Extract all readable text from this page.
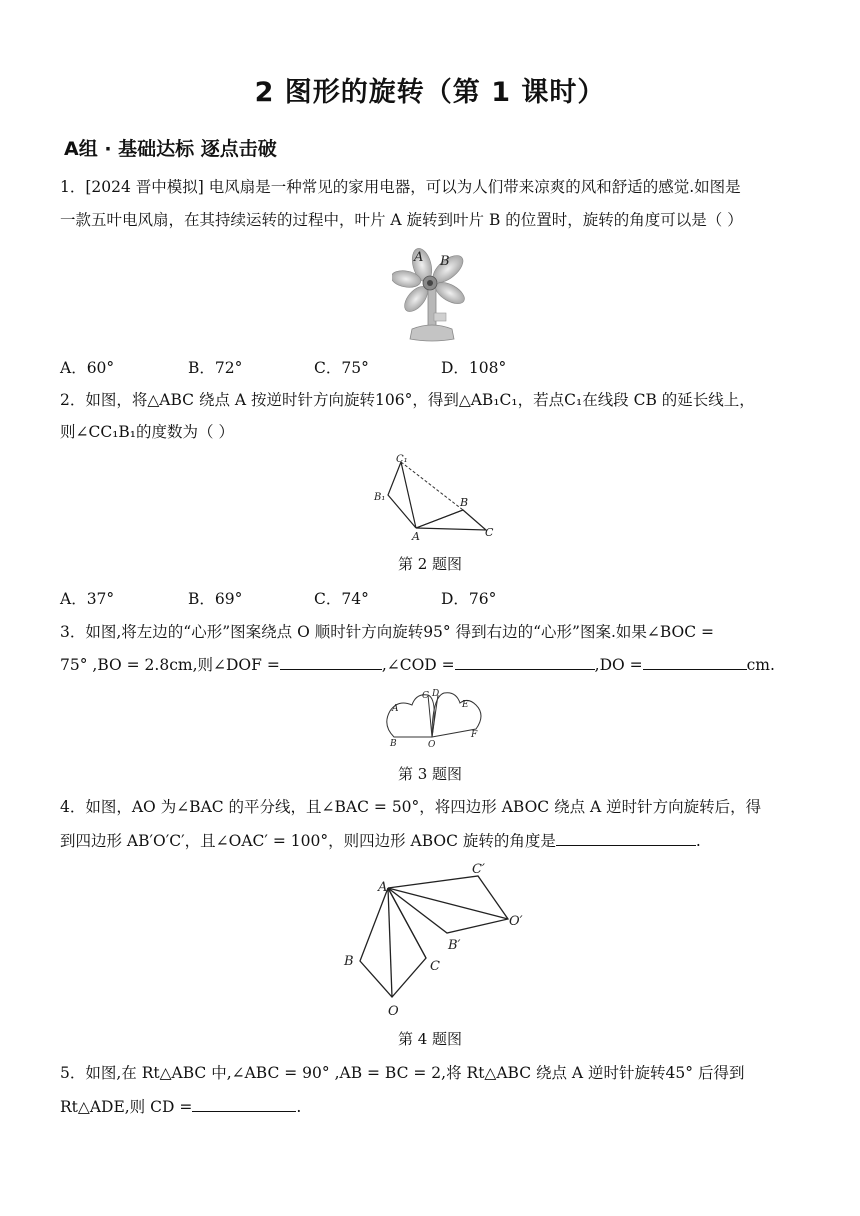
2 图形的旋转（第 1 课时）
A组 · 基础达标 逐点击破
1．[2024 晋中模拟] 电风扇是一种常见的家用电器，可以为人们带来凉爽的风和舒适的感觉.如图是
一款五叶电风扇，在其持续运转的过程中，叶片 A 旋转到叶片 B 的位置时，旋转的角度可以是（ ）
A B
A．60°	B．72°	C．75°	D．108°
2．如图，将△ABC 绕点 A 按逆时针方向旋转106°，得到△AB₁C₁，若点C₁在线段 CB 的延长线上，
则∠CC₁B₁的度数为（ ）
C₁
B₁	B
A	C
第 2 题图
A．37°	B．69°	C．74°	D．76°
3．如图,将左边的“心形”图案绕点 O 顺时针方向旋转95° 得到右边的“心形”图案.如果∠BOC =
75° ,BO = 2.8cm,则∠DOF =	,∠COD =	,DO =	cm.
A
C D
E
B	O
F
第 3 题图
4．如图，AO 为∠BAC 的平分线，且∠BAC = 50°，将四边形 ABOC 绕点 A 逆时针方向旋转后，得
到四边形 AB′O′C′，且∠OAC′ = 100°，则四边形 ABOC 旋转的角度是	.
A
C′
O′
B′
B	C
O
第 4 题图
5．如图,在 Rt△ABC 中,∠ABC = 90° ,AB = BC = 2,将 Rt△ABC 绕点 A 逆时针旋转45° 后得到
Rt△ADE,则 CD =	.
